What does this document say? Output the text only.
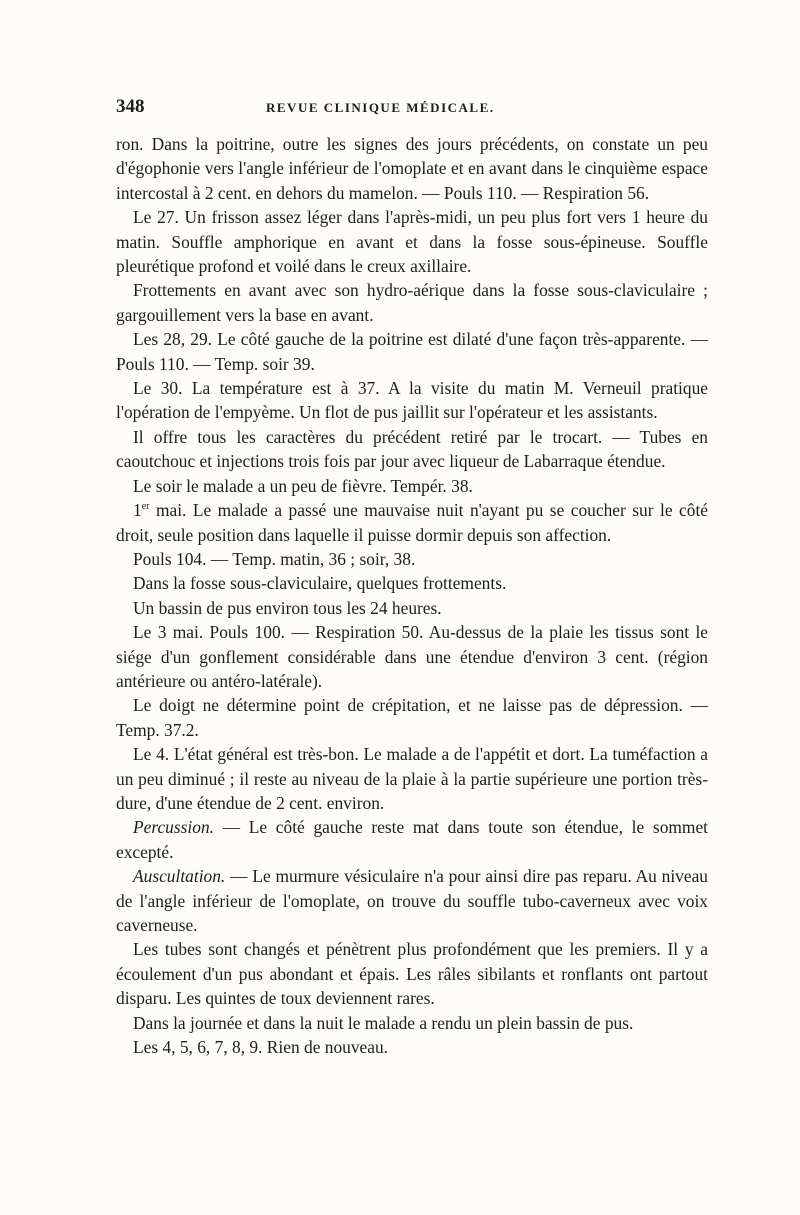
348	REVUE CLINIQUE MÉDICALE.

ron. Dans la poitrine, outre les signes des jours précédents, on constate un peu d'égophonie vers l'angle inférieur de l'omoplate et en avant dans le cinquième espace intercostal à 2 cent. en dehors du mamelon. — Pouls 110. — Respiration 56.

Le 27. Un frisson assez léger dans l'après-midi, un peu plus fort vers 1 heure du matin. Souffle amphorique en avant et dans la fosse sous-épineuse. Souffle pleurétique profond et voilé dans le creux axillaire.

Frottements en avant avec son hydro-aérique dans la fosse sous-claviculaire ; gargouillement vers la base en avant.

Les 28, 29. Le côté gauche de la poitrine est dilaté d'une façon très-apparente. — Pouls 110. — Temp. soir 39.

Le 30. La température est à 37. A la visite du matin M. Verneuil pratique l'opération de l'empyème. Un flot de pus jaillit sur l'opérateur et les assistants.

Il offre tous les caractères du précédent retiré par le trocart. — Tubes en caoutchouc et injections trois fois par jour avec liqueur de Labarraque étendue.

Le soir le malade a un peu de fièvre. Tempér. 38.

1er mai. Le malade a passé une mauvaise nuit n'ayant pu se coucher sur le côté droit, seule position dans laquelle il puisse dormir depuis son affection.

Pouls 104. — Temp. matin, 36 ; soir, 38.

Dans la fosse sous-claviculaire, quelques frottements.

Un bassin de pus environ tous les 24 heures.

Le 3 mai. Pouls 100. — Respiration 50. Au-dessus de la plaie les tissus sont le siége d'un gonflement considérable dans une étendue d'environ 3 cent. (région antérieure ou antéro-latérale).

Le doigt ne détermine point de crépitation, et ne laisse pas de dépression. — Temp. 37.2.

Le 4. L'état général est très-bon. Le malade a de l'appétit et dort. La tuméfaction a un peu diminué ; il reste au niveau de la plaie à la partie supérieure une portion très-dure, d'une étendue de 2 cent. environ.

Percussion. — Le côté gauche reste mat dans toute son étendue, le sommet excepté.

Auscultation. — Le murmure vésiculaire n'a pour ainsi dire pas reparu. Au niveau de l'angle inférieur de l'omoplate, on trouve du souffle tubo-caverneux avec voix caverneuse.

Les tubes sont changés et pénètrent plus profondément que les premiers. Il y a écoulement d'un pus abondant et épais. Les râles sibilants et ronflants ont partout disparu. Les quintes de toux deviennent rares.

Dans la journée et dans la nuit le malade a rendu un plein bassin de pus.

Les 4, 5, 6, 7, 8, 9. Rien de nouveau.
